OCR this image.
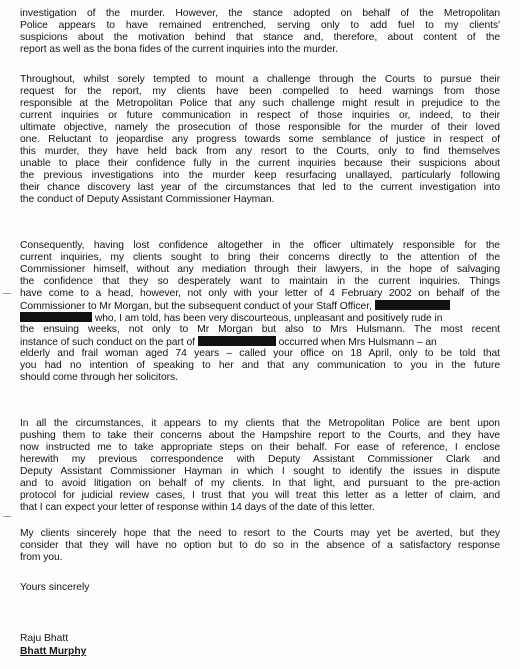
investigation of the murder. However, the stance adopted on behalf of the Metropolitan
Police appears to have remained entrenched, serving only to add fuel to my clients'
suspicions about the motivation behind that stance and, therefore, about content of the
report as well as the bona fides of the current inquiries into the murder.
Throughout, whilst sorely tempted to mount a challenge through the Courts to pursue their
request for the report, my clients have been compelled to heed warnings from those
responsible at the Metropolitan Police that any such challenge might result in prejudice to the
current inquiries or future communication in respect of those inquiries or, indeed, to their
ultimate objective, namely the prosecution of those responsible for the murder of their loved
one. Reluctant to jeopardise any progress towards some semblance of justice in respect of
this murder, they have held back from any resort to the Courts, only to find themselves
unable to place their confidence fully in the current inquiries because their suspicions about
the previous investigations into the murder keep resurfacing unallayed, particularly following
their chance discovery last year of the circumstances that led to the current investigation into
the conduct of Deputy Assistant Commissioner Hayman.
Consequently, having lost confidence altogether in the officer ultimately responsible for the
current inquiries, my clients sought to bring their concerns directly to the attention of the
Commissioner himself, without any mediation through their lawyers, in the hope of salvaging
the confidence that they so desperately want to maintain in the current inquiries. Things
have come to a head, however, not only with your letter of 4 February 2002 on behalf of the
Commissioner to Mr Morgan, but the subsequent conduct of your Staff Officer,
who, I am told, has been very discourteous, unpleasant and positively rude in
the ensuing weeks, not only to Mr Morgan but also to Mrs Hulsmann. The most recent
instance of such conduct on the part of	occurred when Mrs Hulsmann – an
elderly and frail woman aged 74 years – called your office on 18 April, only to be told that
you had no intention of speaking to her and that any communication to you in the future
should come through her solicitors.
In all the circumstances, it appears to my clients that the Metropolitan Police are bent upon
pushing them to take their concerns about the Hampshire report to the Courts, and they have
now instructed me to take appropriate steps on their behalf. For ease of reference, I enclose
herewith my previous correspondence with Deputy Assistant Commissioner Clark and
Deputy Assistant Commissioner Hayman in which I sought to identify the issues in dispute
and to avoid litigation on behalf of my clients. In that light, and pursuant to the pre-action
protocol for judicial review cases, I trust that you will treat this letter as a letter of claim, and
that I can expect your letter of response within 14 days of the date of this letter.
My clients sincerely hope that the need to resort to the Courts may yet be averted, but they
consider that they will have no option but to do so in the absence of a satisfactory response
from you.

Yours sincerely

Raju Bhatt

Bhatt Murphy
